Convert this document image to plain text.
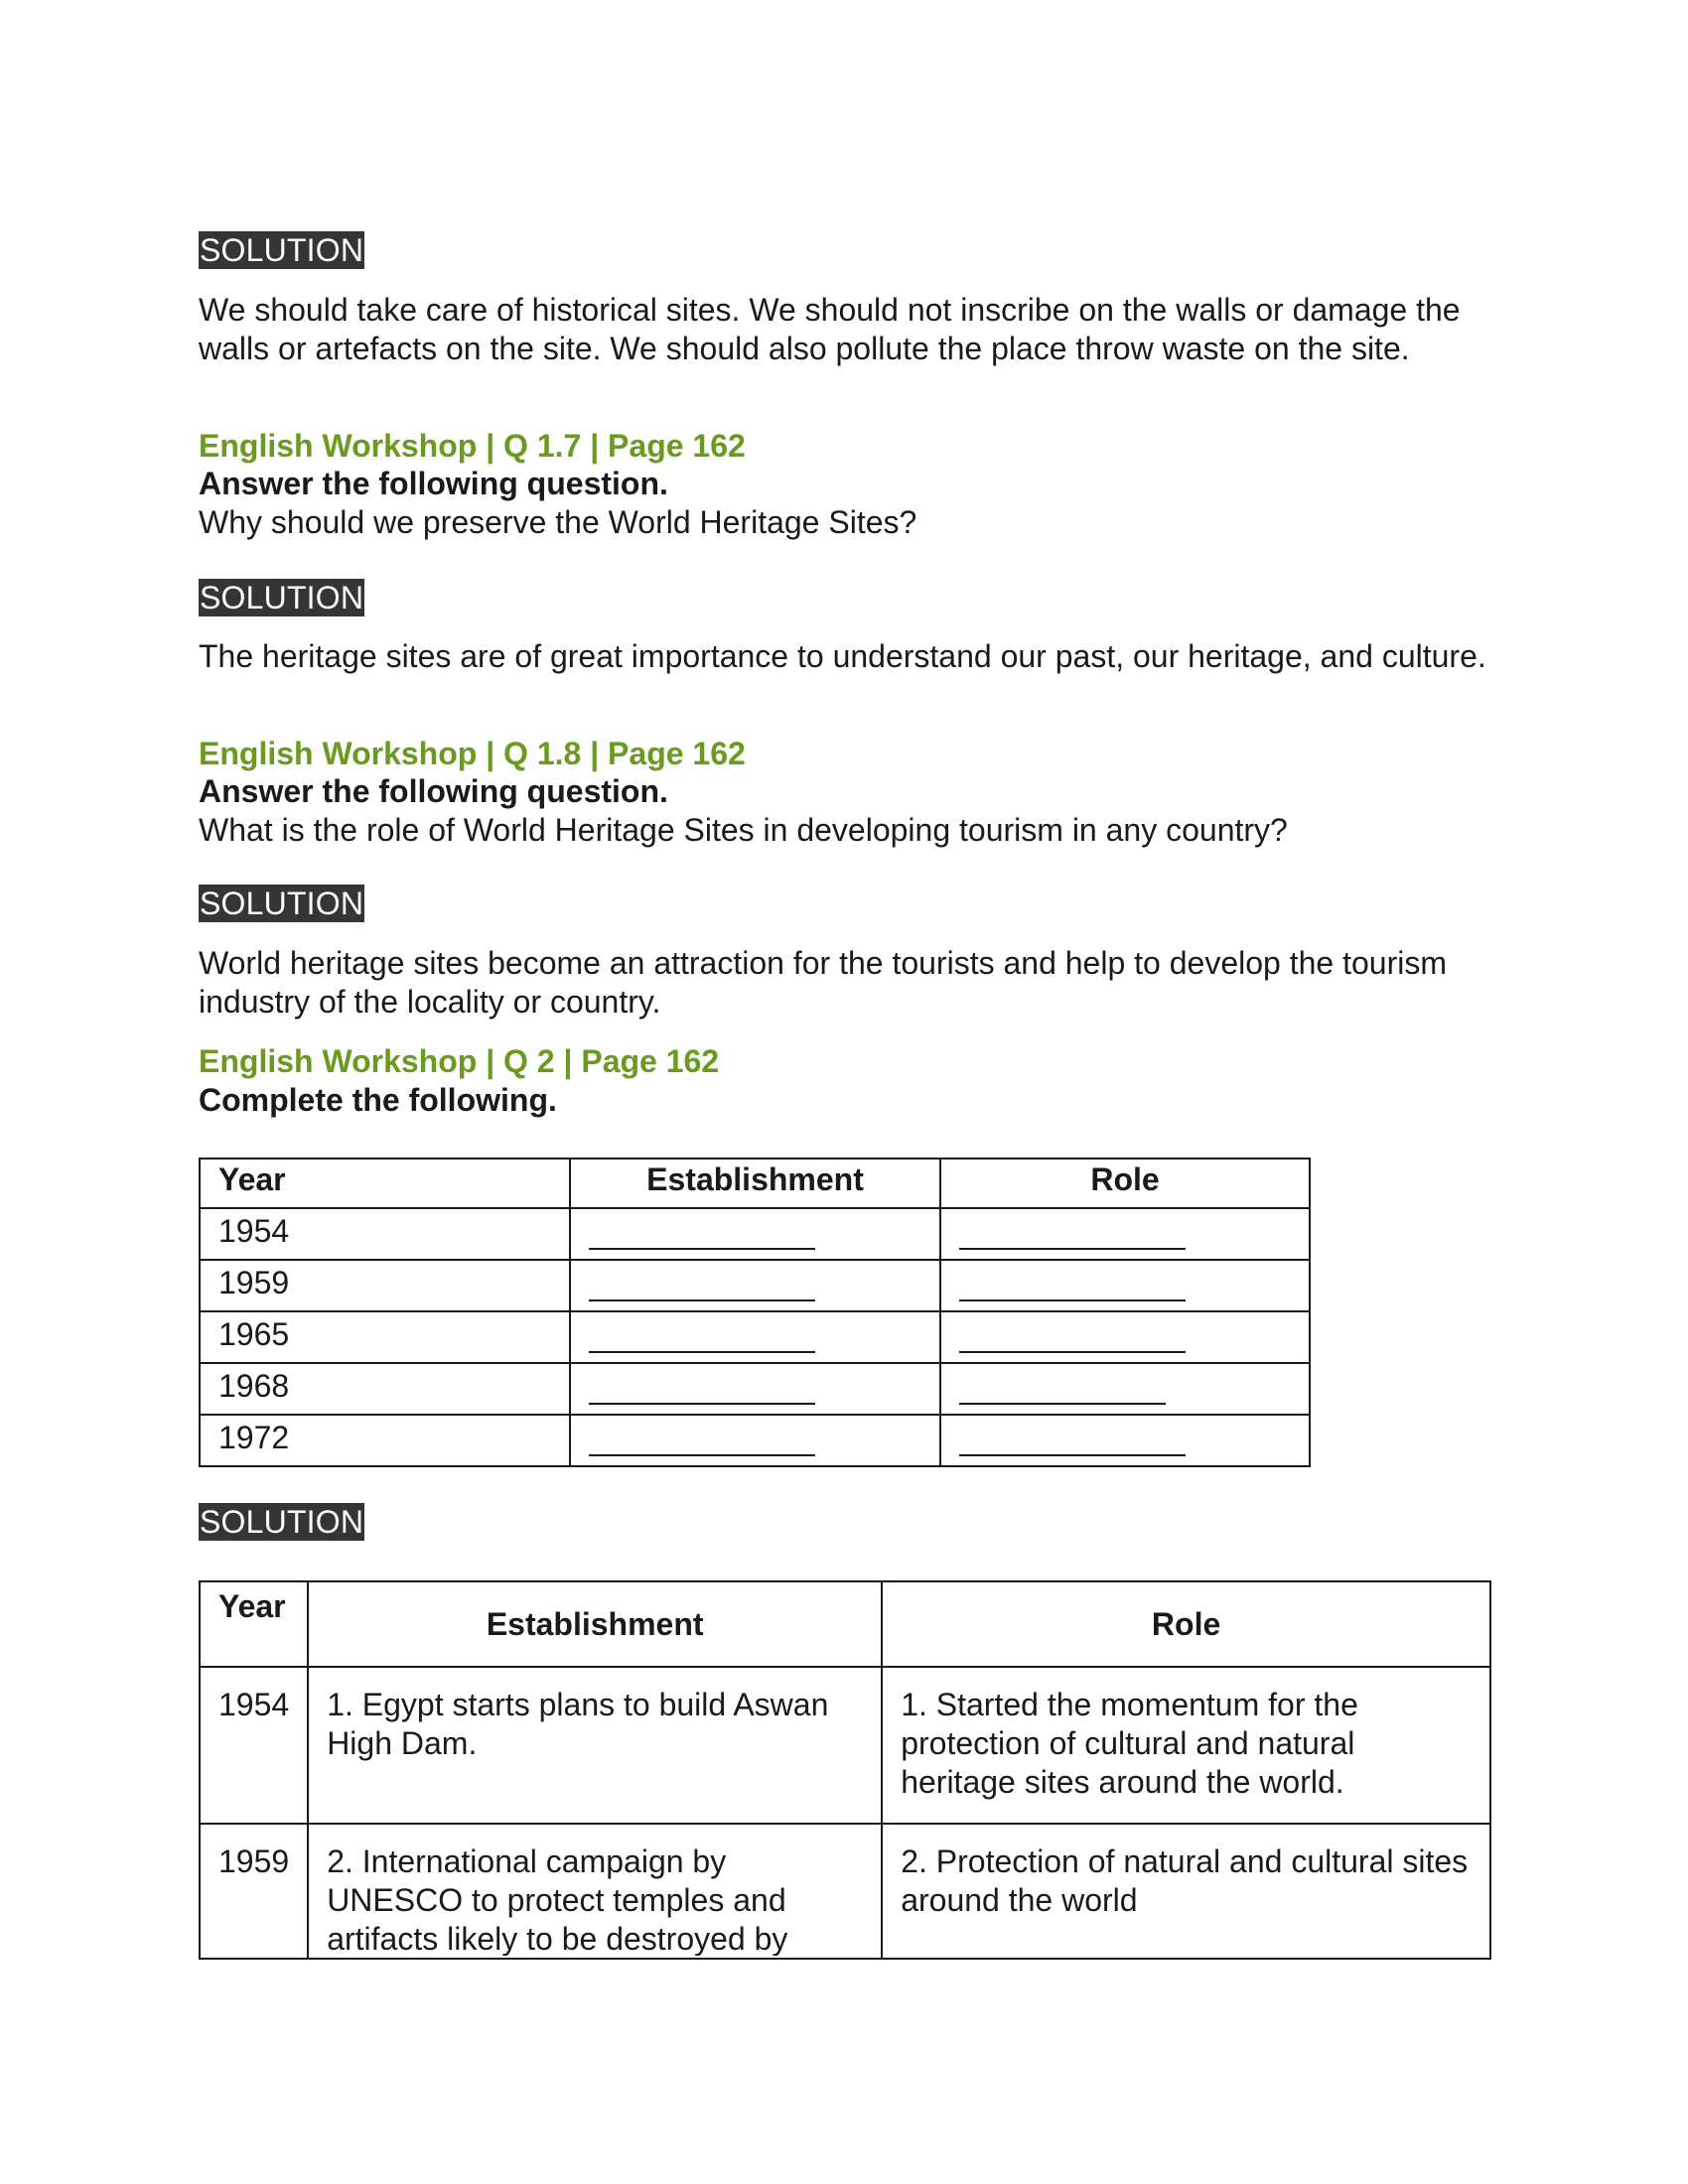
SOLUTION

We should take care of historical sites. We should not inscribe on the walls or damage the walls or artefacts on the site. We should also pollute the place throw waste on the site.

English Workshop | Q 1.7 | Page 162
Answer the following question.
Why should we preserve the World Heritage Sites?
SOLUTION

The heritage sites are of great importance to understand our past, our heritage, and culture.

English Workshop | Q 1.8 | Page 162
Answer the following question.
What is the role of World Heritage Sites in developing tourism in any country?
SOLUTION

World heritage sites become an attraction for the tourists and help to develop the tourism industry of the locality or country.

English Workshop | Q 2 | Page 162
Complete the following.
Year	Establishment	Role
1954		
1959		
1965		
1968		
1972		
SOLUTION
Year	Establishment	Role
1954	1. Egypt starts plans to build Aswan High Dam.	1. Started the momentum for the protection of cultural and natural heritage sites around the world.

1959	2. International campaign by UNESCO to protect temples and artifacts likely to be destroyed by	2. Protection of natural and cultural sites around the world
